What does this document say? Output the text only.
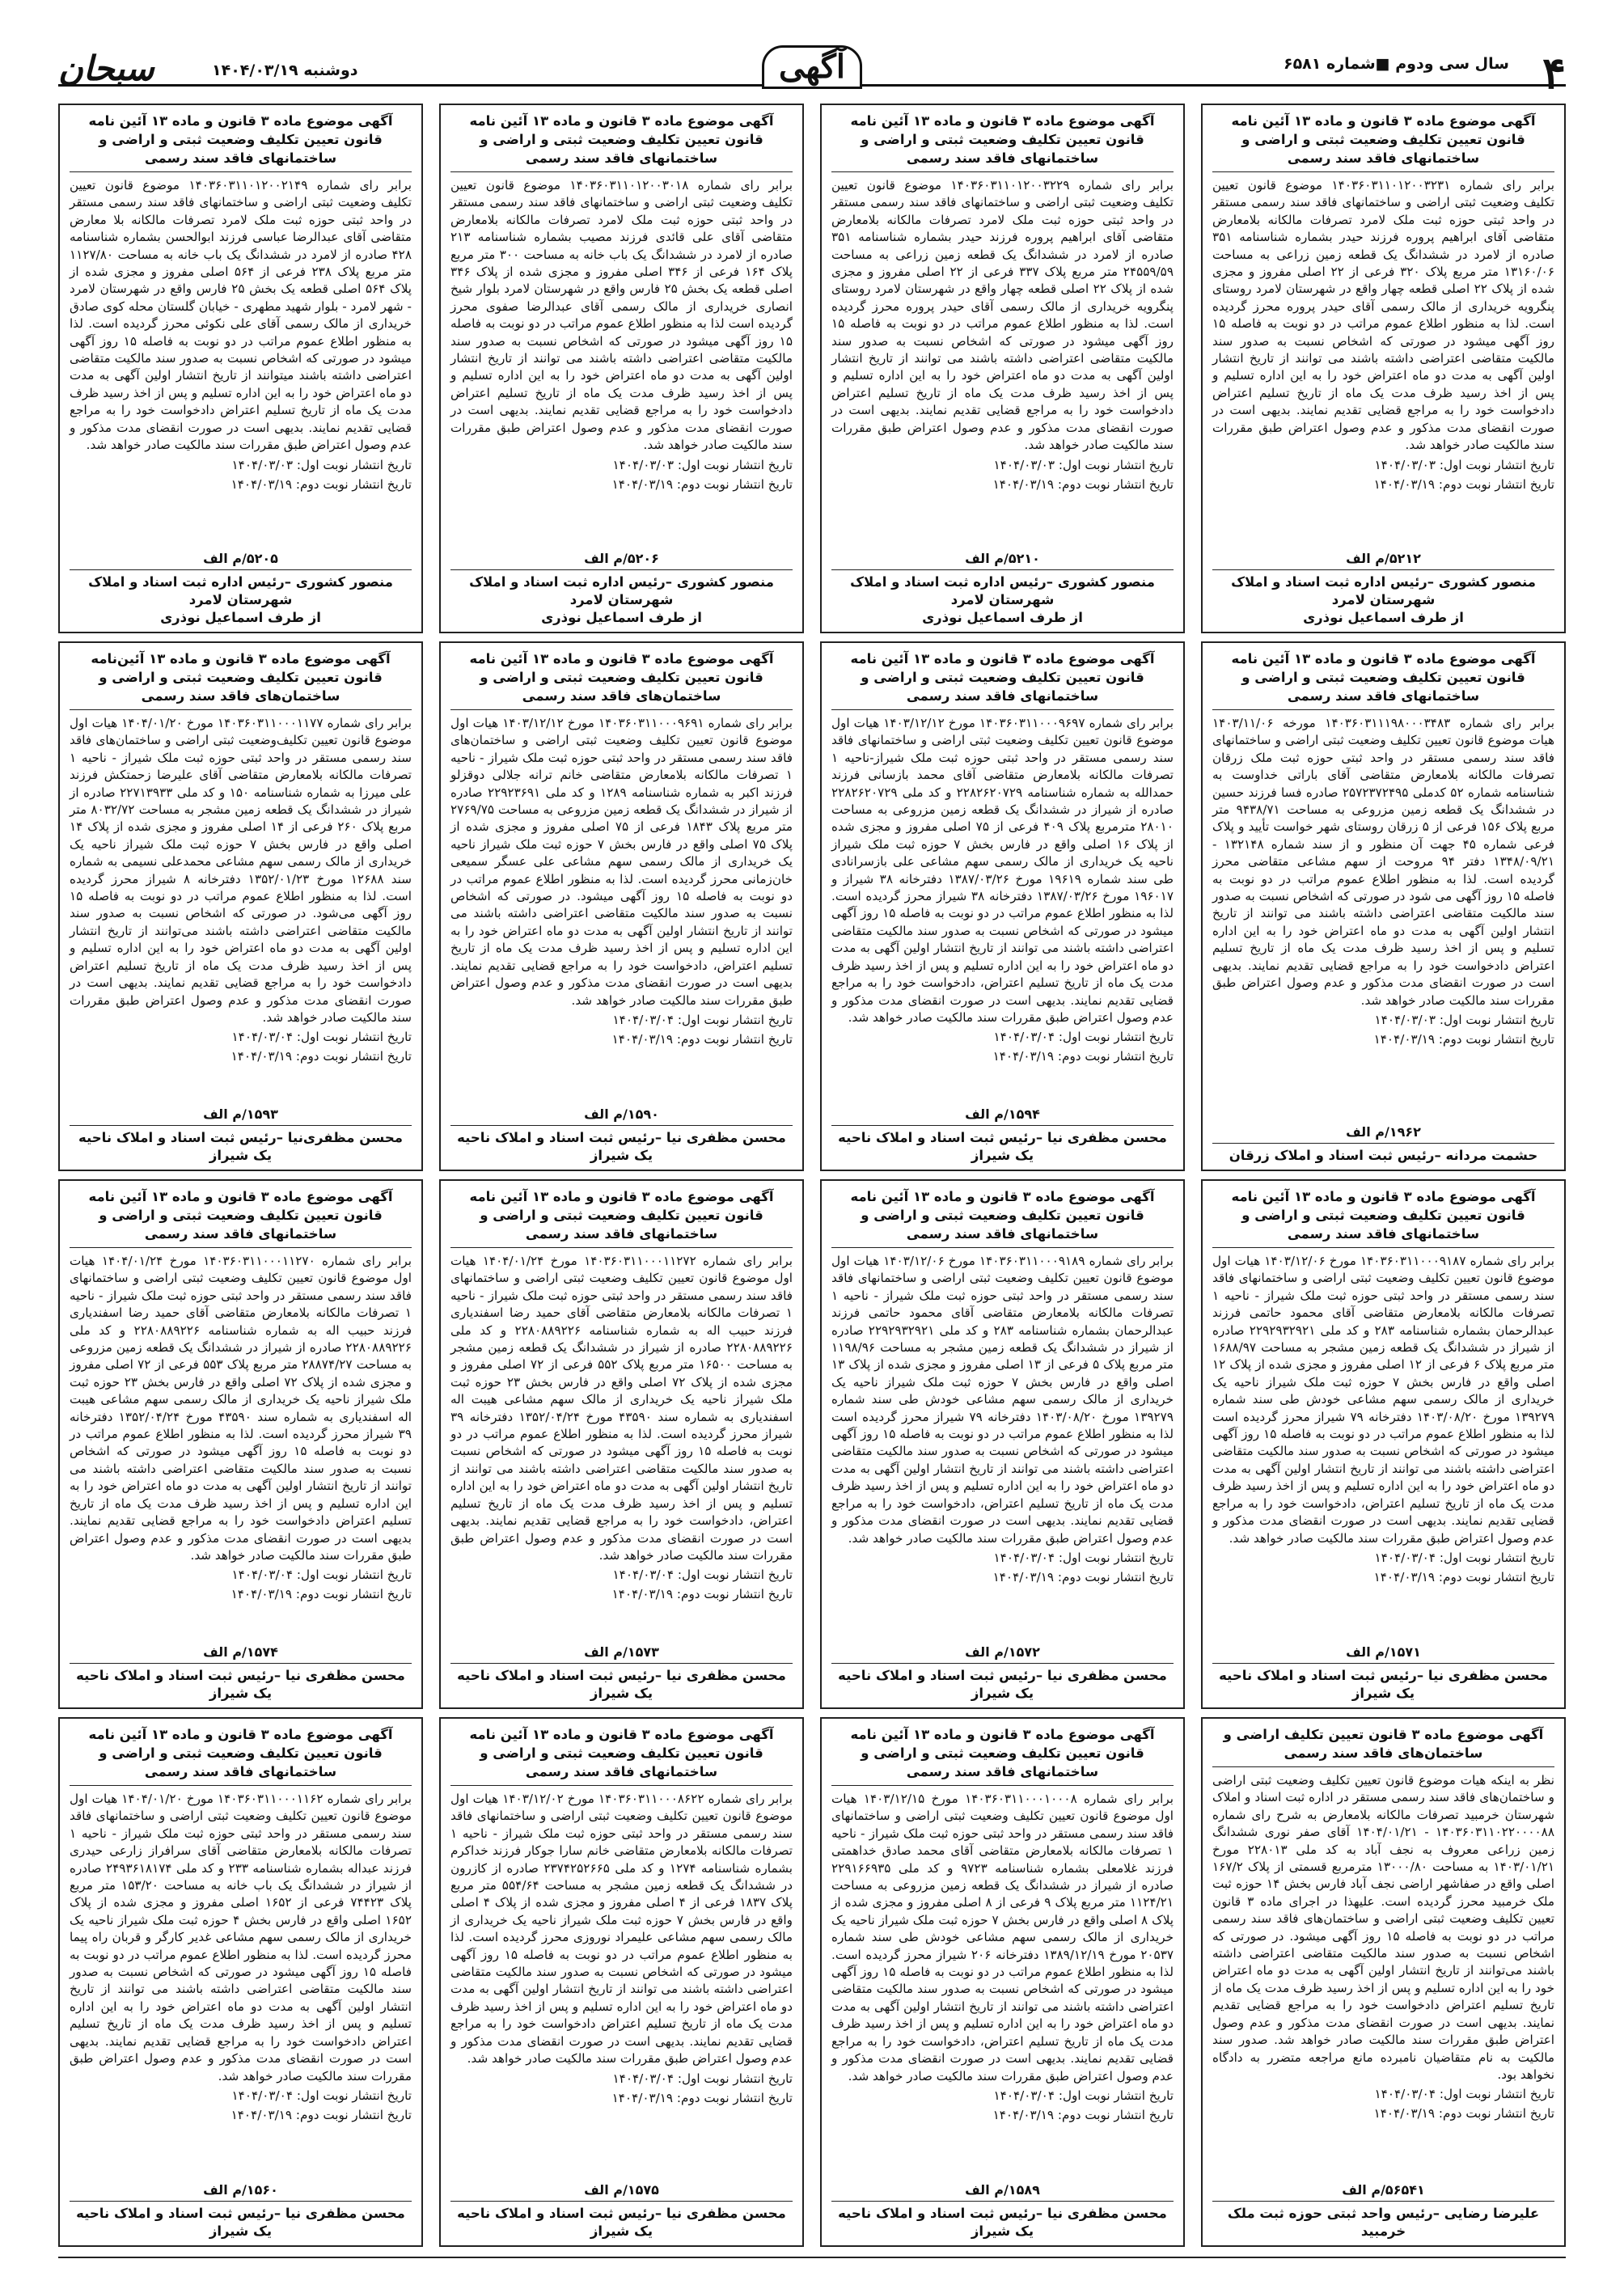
۴
سال سی ودوم ■شماره ۶۵۸۱
آگهی
دوشنبه ۱۴۰۴/۰۳/۱۹
سبحان
آگهی موضوع ماده ۳ قانون و ماده ۱۳ آئین نامه قانون تعیین تکلیف وضعیت ثبتی و اراضی و ساختمانهای فاقد سند رسمی
برابر رای شماره ۱۴۰۳۶۰۳۱۱۰۱۲۰۰۳۲۳۱ موضوع قانون تعیین تکلیف وضعیت ثبتی اراضی و ساختمانهای فاقد سند رسمی مستقر در واحد ثبتی حوزه ثبت ملک لامرد تصرفات مالکانه بلامعارض متقاضی آقای ابراهیم پروره فرزند حیدر بشماره شناسنامه ۳۵۱ صادره از لامرد در ششدانگ یک قطعه زمین زراعی به مساحت ۱۳۱۶۰/۰۶ متر مربع پلاک ۳۲۰ فرعی از ۲۲ اصلی مفروز و مجزی شده از پلاک ۲۲ اصلی قطعه چهار واقع در شهرستان لامرد روستای پنگرویه خریداری از مالک رسمی آقای حیدر پروره محرز گردیده است. لذا به منظور اطلاع عموم مراتب در دو نوبت به فاصله ۱۵ روز آگهی میشود در صورتی که اشخاص نسبت به صدور سند مالکیت متقاضی اعتراضی داشته باشند می توانند از تاریخ انتشار اولین آگهی به مدت دو ماه اعتراض خود را به این اداره تسلیم و پس از اخذ رسید ظرف مدت یک ماه از تاریخ تسلیم اعتراض دادخواست خود را به مراجع قضایی تقدیم نمایند. بدیهی است در صورت انقضای مدت مذکور و عدم وصول اعتراض طبق مقررات سند مالکیت صادر خواهد شد.
تاریخ انتشار نوبت اول: ۱۴۰۴/۰۳/۰۳
تاریخ انتشار نوبت دوم: ۱۴۰۴/۰۳/۱۹
۵۲۱۲/م الف
منصور کشوری –رئیس اداره ثبت اسناد و املاک شهرستان لامرد
از طرف اسماعیل نوذری
آگهی موضوع ماده ۳ قانون و ماده ۱۳ آئین نامه قانون تعیین تکلیف وضعیت ثبتی و اراضی و ساختمانهای فاقد سند رسمی
برابر رای شماره ۱۴۰۳۶۰۳۱۱۰۱۲۰۰۳۲۲۹ موضوع قانون تعیین تکلیف وضعیت ثبتی اراضی و ساختمانهای فاقد سند رسمی مستقر در واحد ثبتی حوزه ثبت ملک لامرد تصرفات مالکانه بلامعارض متقاضی آقای ابراهیم پروره فرزند حیدر بشماره شناسنامه ۳۵۱ صادره از لامرد در ششدانگ یک قطعه زمین زراعی به مساحت ۲۴۵۵۹/۵۹ متر مربع پلاک ۳۳۷ فرعی از ۲۲ اصلی مفروز و مجزی شده از پلاک ۲۲ اصلی قطعه چهار واقع در شهرستان لامرد روستای پنگرویه خریداری از مالک رسمی آقای حیدر پروره محرز گردیده است. لذا به منظور اطلاع عموم مراتب در دو نوبت به فاصله ۱۵ روز آگهی میشود در صورتی که اشخاص نسبت به صدور سند مالکیت متقاضی اعتراضی داشته باشند می توانند از تاریخ انتشار اولین آگهی به مدت دو ماه اعتراض خود را به این اداره تسلیم و پس از اخذ رسید ظرف مدت یک ماه از تاریخ تسلیم اعتراض دادخواست خود را به مراجع قضایی تقدیم نمایند. بدیهی است در صورت انقضای مدت مذکور و عدم وصول اعتراض طبق مقررات سند مالکیت صادر خواهد شد.
تاریخ انتشار نوبت اول: ۱۴۰۴/۰۳/۰۳
تاریخ انتشار نوبت دوم: ۱۴۰۴/۰۳/۱۹
۵۲۱۰/م الف
منصور کشوری –رئیس اداره ثبت اسناد و املاک شهرستان لامرد
از طرف اسماعیل نوذری
آگهی موضوع ماده ۳ قانون و ماده ۱۳ آئین نامه قانون تعیین تکلیف وضعیت ثبتی و اراضی و ساختمانهای فاقد سند رسمی
برابر رای شماره ۱۴۰۳۶۰۳۱۱۰۱۲۰۰۳۰۱۸ موضوع قانون تعیین تکلیف وضعیت ثبتی اراضی و ساختمانهای فاقد سند رسمی مستقر در واحد ثبتی حوزه ثبت ملک لامرد تصرفات مالکانه بلامعارض متقاضی آقای علی قائدی فرزند مصیب بشماره شناسنامه ۲۱۳ صادره از لامرد در ششدانگ یک باب خانه به مساحت ۳۰۰ متر مربع پلاک ۱۶۴ فرعی از ۳۴۶ اصلی مفروز و مجزی شده از پلاک ۳۴۶ اصلی قطعه یک بخش ۲۵ فارس واقع در شهرستان لامرد بلوار شیخ انصاری خریداری از مالک رسمی آقای عبدالرضا صفوی محرز گردیده است لذا به منظور اطلاع عموم مراتب در دو نوبت به فاصله ۱۵ روز آگهی میشود در صورتی که اشخاص نسبت به صدور سند مالکیت متقاضی اعتراضی داشته باشند می توانند از تاریخ انتشار اولین آگهی به مدت دو ماه اعتراض خود را به این اداره تسلیم و پس از اخذ رسید ظرف مدت یک ماه از تاریخ تسلیم اعتراض دادخواست خود را به مراجع قضایی تقدیم نمایند. بدیهی است در صورت انقضای مدت مذکور و عدم وصول اعتراض طبق مقررات سند مالکیت صادر خواهد شد.
تاریخ انتشار نوبت اول: ۱۴۰۴/۰۳/۰۳
تاریخ انتشار نوبت دوم: ۱۴۰۴/۰۳/۱۹
۵۲۰۶/م الف
منصور کشوری –رئیس اداره ثبت اسناد و املاک شهرستان لامرد
از طرف اسماعیل نوذری
آگهی موضوع ماده ۳ قانون و ماده ۱۳ آئین نامه قانون تعیین تکلیف وضعیت ثبتی و اراضی و ساختمانهای فاقد سند رسمی
برابر رای شماره ۱۴۰۳۶۰۳۱۱۰۱۲۰۰۲۱۴۹ موضوع قانون تعیین تکلیف وضعیت ثبتی اراضی و ساختمانهای فاقد سند رسمی مستقر در واحد ثبتی حوزه ثبت ملک لامرد تصرفات مالکانه بلا معارض متقاضی آقای عبدالرضا عباسی فرزند ابوالحسن بشماره شناسنامه ۴۲۸ صادره از لامرد در ششدانگ یک باب خانه به مساحت ۱۱۲۷/۸۰ متر مربع پلاک ۲۳۸ فرعی از ۵۶۴ اصلی مفروز و مجزی شده از پلاک ۵۶۴ اصلی قطعه یک بخش ۲۵ فارس واقع در شهرستان لامرد - شهر لامرد - بلوار شهید مطهری - خیابان گلستان محله کوی صادق خریداری از مالک رسمی آقای علی نکوئی محرز گردیده است. لذا به منظور اطلاع عموم مراتب در دو نوبت به فاصله ۱۵ روز آگهی میشود در صورتی که اشخاص نسبت به صدور سند مالکیت متقاضی اعتراضی داشته باشند میتوانند از تاریخ انتشار اولین آگهی به مدت دو ماه اعتراض خود را به این اداره تسلیم و پس از اخذ رسید ظرف مدت یک ماه از تاریخ تسلیم اعتراض دادخواست خود را به مراجع قضایی تقدیم نمایند. بدیهی است در صورت انقضای مدت مذکور و عدم وصول اعتراض طبق مقررات سند مالکیت صادر خواهد شد.
تاریخ انتشار نوبت اول: ۱۴۰۴/۰۳/۰۳
تاریخ انتشار نوبت دوم: ۱۴۰۴/۰۳/۱۹
۵۲۰۵/م الف
منصور کشوری –رئیس اداره ثبت اسناد و املاک شهرستان لامرد
از طرف اسماعیل نوذری
آگهی موضوع ماده ۳ قانون و ماده ۱۳ آئین نامه قانون تعیین تکلیف وضعیت ثبتی و اراضی و ساختمانهای فاقد سند رسمی
برابر رای شماره ۱۴۰۳۶۰۳۱۱۱۹۸۰۰۰۳۴۸۳ مورخه ۱۴۰۳/۱۱/۰۶ هیات موضوع قانون تعیین تکلیف وضعیت ثبتی اراضی و ساختمانهای فاقد سند رسمی مستقر در واحد ثبتی حوزه ثبت ملک زرقان تصرفات مالکانه بلامعارض متقاضی آقای باراتی خداوست به شناسنامه شماره ۵۲ کدملی ۲۵۷۲۳۷۲۴۹۵ صادره فسا فرزند حسین در ششدانگ یک قطعه زمین مزروعی به مساحت ۹۴۳۸/۷۱ متر مربع پلاک ۱۵۶ فرعی از ۵ زرقان روستای شهر خواست تأیید و پلاک فرعی شماره ۴۵ جهت آن منظور و از سند شماره ۱۳۲۱۴۸ - ۱۳۴۸/۰۹/۲۱ دفتر ۹۴ مروحت از سهم مشاعی متقاضی محرز گردیده است. لذا به منظور اطلاع عموم مراتب در دو نوبت به فاصله ۱۵ روز آگهی می شود در صورتی که اشخاص نسبت به صدور سند مالکیت متقاضی اعتراضی داشته باشند می توانند از تاریخ انتشار اولین آگهی به مدت دو ماه اعتراض خود را به این اداره تسلیم و پس از اخذ رسید ظرف مدت یک ماه از تاریخ تسلیم اعتراض دادخواست خود را به مراجع قضایی تقدیم نمایند. بدیهی است در صورت انقضای مدت مذکور و عدم وصول اعتراض طبق مقررات سند مالکیت صادر خواهد شد.
تاریخ انتشار نوبت اول: ۱۴۰۴/۰۳/۰۳
تاریخ انتشار نوبت دوم: ۱۴۰۴/۰۳/۱۹
۱۹۶۲/م الف
حشمت مردانه –رئیس ثبت اسناد و املاک زرقان
آگهی موضوع ماده ۳ قانون و ماده ۱۳ آئین نامه قانون تعیین تکلیف وضعیت ثبتی و اراضی و ساختمانهای فاقد سند رسمی
برابر رای شماره ۱۴۰۳۶۰۳۱۱۰۰۰۹۶۹۷ مورخ ۱۴۰۳/۱۲/۱۲ هیات اول موضوع قانون تعیین تکلیف وضعیت ثبتی اراضی و ساختمانهای فاقد سند رسمی مستقر در واحد ثبتی حوزه ثبت ملک شیراز-ناحیه ۱ تصرفات مالکانه بلامعارض متقاضی آقای محمد بازسانی فرزند حمدالله به شماره شناسنامه ۲۲۸۲۶۲۰۷۲۹ و کد ملی ۲۲۸۲۶۲۰۷۲۹ صادره از شیراز در ششدانگ یک قطعه زمین مزروعی به مساحت ۲۸۰۱۰ مترمربع پلاک ۴۰۹ فرعی از ۷۵ اصلی مفروز و مجزی شده از پلاک ۱۶ اصلی واقع در فارس بخش ۷ حوزه ثبت ملک شیراز ناحیه یک خریداری از مالک رسمی سهم مشاعی علی بازسرانادی طی سند شماره ۱۹۶۱۹ مورخ ۱۳۸۷/۰۳/۲۶ دفترخانه ۳۸ شیراز و ۱۹۶۰۱۷ مورخ ۱۳۸۷/۰۳/۲۶ دفترخانه ۳۸ شیراز محرز گردیده است. لذا به منظور اطلاع عموم مراتب در دو نوبت به فاصله ۱۵ روز آگهی میشود در صورتی که اشخاص نسبت به صدور سند مالکیت متقاضی اعتراضی داشته باشند می توانند از تاریخ انتشار اولین آگهی به مدت دو ماه اعتراض خود را به این اداره تسلیم و پس از اخذ رسید ظرف مدت یک ماه از تاریخ تسلیم اعتراض، دادخواست خود را به مراجع قضایی تقدیم نمایند. بدیهی است در صورت انقضای مدت مذکور و عدم وصول اعتراض طبق مقررات سند مالکیت صادر خواهد شد.
تاریخ انتشار نوبت اول: ۱۴۰۴/۰۳/۰۴
تاریخ انتشار نوبت دوم: ۱۴۰۴/۰۳/۱۹
۱۵۹۴/م الف
محسن مظفری نیا –رئیس ثبت اسناد و املاک ناحیه یک شیراز
آگهی موضوع ماده ۳ قانون و ماده ۱۳ آئین نامه قانون تعیین تکلیف وضعیت ثبتی و اراضی و ساختمان‌های فاقد سند رسمی
برابر رای شماره ۱۴۰۳۶۰۳۱۱۰۰۰۹۶۹۱ مورخ ۱۴۰۳/۱۲/۱۲ هیات اول موضوع قانون تعیین تکلیف وضعیت ثبتی اراضی و ساختمان‌های فاقد سند رسمی مستقر در واحد ثبتی حوزه ثبت ملک شیراز - ناحیه ۱ تصرفات مالکانه بلامعارض متقاضی خانم ترانه جلالی دوقزلو فرزند اکبر به شماره شناسنامه ۱۲۸۹ و کد ملی ۲۲۹۲۳۶۹۱ صادره از شیراز در ششدانگ یک قطعه زمین مزروعی به مساحت ۲۷۶۹/۷۵ متر مربع پلاک ۱۸۴۳ فرعی از ۷۵ اصلی مفروز و مجزی شده از پلاک ۷۵ اصلی واقع در فارس بخش ۷ حوزه ثبت ملک شیراز ناحیه یک خریداری از مالک رسمی سهم مشاعی علی عسگر سمیعی خان‌زمانی محرز گردیده است. لذا به منظور اطلاع عموم مراتب در دو نوبت به فاصله ۱۵ روز آگهی میشود. در صورتی که اشخاص نسبت به صدور سند مالکیت متقاضی اعتراضی داشته باشند می توانند از تاریخ انتشار اولین آگهی به مدت دو ماه اعتراض خود را به این اداره تسلیم و پس از اخذ رسید ظرف مدت یک ماه از تاریخ تسلیم اعتراض، دادخواست خود را به مراجع قضایی تقدیم نمایند. بدیهی است در صورت انقضای مدت مذکور و عدم وصول اعتراض طبق مقررات سند مالکیت صادر خواهد شد.
تاریخ انتشار نوبت اول: ۱۴۰۴/۰۳/۰۴
تاریخ انتشار نوبت دوم: ۱۴۰۴/۰۳/۱۹
۱۵۹۰/م الف
محسن مظفری نیا –رئیس ثبت اسناد و املاک ناحیه یک شیراز
آگهی موضوع ماده ۳ قانون و ماده ۱۳ آئین‌نامه قانون تعیین تکلیف وضعیت ثبتی و اراضی و ساختمان‌های فاقد سند رسمی
برابر رای شماره ۱۴۰۳۶۰۳۱۱۰۰۰۱۱۷۷ مورخ ۱۴۰۴/۰۱/۲۰ هیات اول موضوع قانون تعیین تکلیف‌وضعیت ثبتی اراضی و ساختمان‌های فاقد سند رسمی مستقر در واحد ثبتی حوزه ثبت ملک شیراز - ناحیه ۱ تصرفات مالکانه بلامعارض متقاضی آقای علیرضا زحمتکش فرزند علی میرزا به شماره شناسنامه ۱۵۰ و کد ملی ۲۲۷۱۳۹۳۳ صادره از شیراز در ششدانگ یک قطعه زمین مشجر به مساحت ۸۰۳۲/۷۲ متر مربع پلاک ۲۶۰ فرعی از ۱۴ اصلی مفروز و مجزی شده از پلاک ۱۴ اصلی واقع در فارس بخش ۷ حوزه ثبت ملک شیراز ناحیه یک خریداری از مالک رسمی سهم مشاعی محمدعلی نسیمی به شماره سند ۱۲۶۸۸ مورخ ۱۳۵۲/۰۱/۲۳ دفترخانه ۸ شیراز محرز گردیده است. لذا به منظور اطلاع عموم مراتب در دو نوبت به فاصله ۱۵ روز آگهی می‌شود. در صورتی که اشخاص نسبت به صدور سند مالکیت متقاضی اعتراضی داشته باشند می‌توانند از تاریخ انتشار اولین آگهی به مدت دو ماه اعتراض خود را به این اداره تسلیم و پس از اخذ رسید ظرف مدت یک ماه از تاریخ تسلیم اعتراض دادخواست خود را به مراجع قضایی تقدیم نمایند. بدیهی است در صورت انقضای مدت مذکور و عدم وصول اعتراض طبق مقررات سند مالکیت صادر خواهد شد.
تاریخ انتشار نوبت اول: ۱۴۰۴/۰۳/۰۴
تاریخ انتشار نوبت دوم: ۱۴۰۴/۰۳/۱۹
۱۵۹۳/م الف
محسن مظفری‌نیا –رئیس ثبت اسناد و املاک ناحیه یک شیراز
آگهی موضوع ماده ۳ قانون و ماده ۱۳ آئین نامه قانون تعیین تکلیف وضعیت ثبتی و اراضی و ساختمانهای فاقد سند رسمی
برابر رای شماره ۱۴۰۳۶۰۳۱۱۰۰۰۹۱۸۷ مورخ ۱۴۰۳/۱۲/۰۶ هیات اول موضوع قانون تعیین تکلیف وضعیت ثبتی اراضی و ساختمانهای فاقد سند رسمی مستقر در واحد ثبتی حوزه ثبت ملک شیراز - ناحیه ۱ تصرفات مالکانه بلامعارض متقاضی آقای محمود حاتمی فرزند عبدالرحمان بشماره شناسنامه ۲۸۳ و کد ملی ۲۲۹۲۹۳۲۹۲۱ صادره از شیراز در ششدانگ یک قطعه زمین مشجر به مساحت ۱۶۸۸/۹۷ متر مربع پلاک ۶ فرعی از ۱۲ اصلی مفروز و مجزی شده از پلاک ۱۲ اصلی واقع در فارس بخش ۷ حوزه ثبت ملک شیراز ناحیه یک خریداری از مالک رسمی سهم مشاعی خودش طی سند شماره ۱۳۹۲۷۹ مورخ ۱۴۰۳/۰۸/۲۰ دفترخانه ۷۹ شیراز محرز گردیده است لذا به منظور اطلاع عموم مراتب در دو نوبت به فاصله ۱۵ روز آگهی میشود در صورتی که اشخاص نسبت به صدور سند مالکیت متقاضی اعتراضی داشته باشند می توانند از تاریخ انتشار اولین آگهی به مدت دو ماه اعتراض خود را به این اداره تسلیم و پس از اخذ رسید ظرف مدت یک ماه از تاریخ تسلیم اعتراض، دادخواست خود را به مراجع قضایی تقدیم نمایند. بدیهی است در صورت انقضای مدت مذکور و عدم وصول اعتراض طبق مقررات سند مالکیت صادر خواهد شد.
تاریخ انتشار نوبت اول: ۱۴۰۴/۰۳/۰۴
تاریخ انتشار نوبت دوم: ۱۴۰۴/۰۳/۱۹
۱۵۷۱/م الف
محسن مظفری نیا –رئیس ثبت اسناد و املاک ناحیه یک شیراز
آگهی موضوع ماده ۳ قانون و ماده ۱۳ آئین نامه قانون تعیین تکلیف وضعیت ثبتی و اراضی و ساختمانهای فاقد سند رسمی
برابر رای شماره ۱۴۰۳۶۰۳۱۱۰۰۰۹۱۸۹ مورخ ۱۴۰۳/۱۲/۰۶ هیات اول موضوع قانون تعیین تکلیف وضعیت ثبتی اراضی و ساختمانهای فاقد سند رسمی مستقر در واحد ثبتی حوزه ثبت ملک شیراز - ناحیه ۱ تصرفات مالکانه بلامعارض متقاضی آقای محمود حاتمی فرزند عبدالرحمان بشماره شناسنامه ۲۸۳ و کد ملی ۲۲۹۲۹۳۲۹۲۱ صادره از شیراز در ششدانگ یک قطعه زمین مشجر به مساحت ۱۱۹۸/۹۶ متر مربع پلاک ۵ فرعی از ۱۳ اصلی مفروز و مجزی شده از پلاک ۱۳ اصلی واقع در فارس بخش ۷ حوزه ثبت ملک شیراز ناحیه یک خریداری از مالک رسمی سهم مشاعی خودش طی سند شماره ۱۳۹۲۷۹ مورخ ۱۴۰۳/۰۸/۲۰ دفترخانه ۷۹ شیراز محرز گردیده است لذا به منظور اطلاع عموم مراتب در دو نوبت به فاصله ۱۵ روز آگهی میشود در صورتی که اشخاص نسبت به صدور سند مالکیت متقاضی اعتراضی داشته باشند می توانند از تاریخ انتشار اولین آگهی به مدت دو ماه اعتراض خود را به این اداره تسلیم و پس از اخذ رسید ظرف مدت یک ماه از تاریخ تسلیم اعتراض، دادخواست خود را به مراجع قضایی تقدیم نمایند. بدیهی است در صورت انقضای مدت مذکور و عدم وصول اعتراض طبق مقررات سند مالکیت صادر خواهد شد.
تاریخ انتشار نوبت اول: ۱۴۰۴/۰۳/۰۴
تاریخ انتشار نوبت دوم: ۱۴۰۴/۰۳/۱۹
۱۵۷۲/م الف
محسن مظفری نیا –رئیس ثبت اسناد و املاک ناحیه یک شیراز
آگهی موضوع ماده ۳ قانون و ماده ۱۳ آئین نامه قانون تعیین تکلیف وضعیت ثبتی و اراضی و ساختمانهای فاقد سند رسمی
برابر رای شماره ۱۴۰۳۶۰۳۱۱۰۰۰۱۱۲۷۲ مورخ ۱۴۰۴/۰۱/۲۴ هیات اول موضوع قانون تعیین تکلیف وضعیت ثبتی اراضی و ساختمانهای فاقد سند رسمی مستقر در واحد ثبتی حوزه ثبت ملک شیراز - ناحیه ۱ تصرفات مالکانه بلامعارض متقاضی آقای حمید رضا اسفندیاری فرزند حبیب اله به شماره شناسنامه ۲۲۸۰۸۸۹۲۲۶ و کد ملی ۲۲۸۰۸۸۹۲۲۶ صادره از شیراز در ششدانگ یک قطعه زمین مشجر به مساحت ۱۶۵۰۰ متر مربع پلاک ۵۵۲ فرعی از ۷۲ اصلی مفروز و مجزی شده از پلاک ۷۲ اصلی واقع در فارس بخش ۲۳ حوزه ثبت ملک شیراز ناحیه یک خریداری از مالک سهم مشاعی هیبت اله اسفندیاری به شماره سند ۴۳۵۹۰ مورخ ۱۳۵۲/۰۴/۲۴ دفترخانه ۳۹ شیراز محرز گردیده است. لذا به منظور اطلاع عموم مراتب در دو نوبت به فاصله ۱۵ روز آگهی میشود در صورتی که اشخاص نسبت به صدور سند مالکیت متقاضی اعتراضی داشته باشند می توانند از تاریخ انتشار اولین آگهی به مدت دو ماه اعتراض خود را به این اداره تسلیم و پس از اخذ رسید ظرف مدت یک ماه از تاریخ تسلیم اعتراض، دادخواست خود را به مراجع قضایی تقدیم نمایند. بدیهی است در صورت انقضای مدت مذکور و عدم وصول اعتراض طبق مقررات سند مالکیت صادر خواهد شد.
تاریخ انتشار نوبت اول: ۱۴۰۴/۰۳/۰۴
تاریخ انتشار نوبت دوم: ۱۴۰۴/۰۳/۱۹
۱۵۷۳/م الف
محسن مظفری نیا –رئیس ثبت اسناد و املاک ناحیه یک شیراز
آگهی موضوع ماده ۳ قانون و ماده ۱۳ آئین نامه قانون تعیین تکلیف وضعیت ثبتی و اراضی و ساختمانهای فاقد سند رسمی
برابر رای شماره ۱۴۰۳۶۰۳۱۱۰۰۰۱۱۲۷۰ مورخ ۱۴۰۴/۰۱/۲۴ هیات اول موضوع قانون تعیین تکلیف وضعیت ثبتی اراضی و ساختمانهای فاقد سند رسمی مستقر در واحد ثبتی حوزه ثبت ملک شیراز - ناحیه ۱ تصرفات مالکانه بلامعارض متقاضی آقای حمید رضا اسفندیاری فرزند حبیب اله به شماره شناسنامه ۲۲۸۰۸۸۹۲۲۶ و کد ملی ۲۲۸۰۸۸۹۲۲۶ صادره از شیراز در ششدانگ یک قطعه زمین مزروعی به مساحت ۲۸۸۷۴/۲۷ متر مربع پلاک ۵۵۳ فرعی از ۷۲ اصلی مفروز و مجزی شده از پلاک ۷۲ اصلی واقع در فارس بخش ۲۳ حوزه ثبت ملک شیراز ناحیه یک خریداری از مالک رسمی سهم مشاعی هیبت اله اسفندیاری به شماره سند ۴۳۵۹۰ مورخ ۱۳۵۲/۰۴/۲۴ دفترخانه ۳۹ شیراز محرز گردیده است. لذا به منظور اطلاع عموم مراتب در دو نوبت به فاصله ۱۵ روز آگهی میشود در صورتی که اشخاص نسبت به صدور سند مالکیت متقاضی اعتراضی داشته باشند می توانند از تاریخ انتشار اولین آگهی به مدت دو ماه اعتراض خود را به این اداره تسلیم و پس از اخذ رسید ظرف مدت یک ماه از تاریخ تسلیم اعتراض دادخواست خود را به مراجع قضایی تقدیم نمایند. بدیهی است در صورت انقضای مدت مذکور و عدم وصول اعتراض طبق مقررات سند مالکیت صادر خواهد شد.
تاریخ انتشار نوبت اول: ۱۴۰۴/۰۳/۰۴
تاریخ انتشار نوبت دوم: ۱۴۰۴/۰۳/۱۹
۱۵۷۴/م الف
محسن مظفری نیا –رئیس ثبت اسناد و املاک ناحیه یک شیراز
آگهی موضوع ماده ۳ قانون تعیین تکلیف اراضی و ساختمان‌های فاقد سند رسمی
نظر به اینکه هیات موضوع قانون تعیین تکلیف وضعیت ثبتی اراضی و ساختمان‌های فاقد سند رسمی مستقر در اداره ثبت اسناد و املاک شهرستان خرمبید تصرفات مالکانه بلامعارض به شرح رای شماره ۱۴۰۳۶۰۳۱۱۰۲۲۰۰۰۰۸۸ - ۱۴۰۴/۰۱/۲۱ آقای صفر نوری ششدانگ زمین زراعی معروف به نجف آباد به کد ملی ۲۲۸۰۱۳ مورخ ۱۴۰۳/۰۱/۲۱ به مساحت ۱۳۰۰۰/۸۰ مترمربع قسمتی از پلاک ۱۶۷/۲ اصلی واقع در صفاشهر اراضی نجف آباد فارس بخش ۱۴ حوزه ثبت ملک خرمبید محرز گردیده است. علیهذا در اجرای ماده ۳ قانون تعیین تکلیف وضعیت ثبتی اراضی و ساختمان‌های فاقد سند رسمی مراتب در دو نوبت به فاصله ۱۵ روز آگهی میشود. در صورتی که اشخاص نسبت به صدور سند مالکیت متقاضی اعتراضی داشته باشند می‌توانند از تاریخ انتشار اولین آگهی به مدت دو ماه اعتراض خود را به این اداره تسلیم و پس از اخذ رسید ظرف مدت یک ماه از تاریخ تسلیم اعتراض دادخواست خود را به مراجع قضایی تقدیم نمایند. بدیهی است در صورت انقضای مدت مذکور و عدم وصول اعتراض طبق مقررات سند مالکیت صادر خواهد شد. صدور سند مالکیت به نام متقاضیان نامبرده مانع مراجعه متضرر به دادگاه نخواهد بود.
تاریخ انتشار نوبت اول: ۱۴۰۴/۰۳/۰۴
تاریخ انتشار نوبت دوم: ۱۴۰۴/۰۳/۱۹
۵۶۵۴۱/م الف
علیرضا رضایی –رئیس واحد ثبتی حوزه ثبت ملک خرمبید
آگهی موضوع ماده ۳ قانون و ماده ۱۳ آئین نامه قانون تعیین تکلیف وضعیت ثبتی و اراضی و ساختمانهای فاقد سند رسمی
برابر رای شماره ۱۴۰۳۶۰۳۱۱۰۰۰۱۰۰۰۸ مورخ ۱۴۰۳/۱۲/۱۵ هیات اول موضوع قانون تعیین تکلیف وضعیت ثبتی اراضی و ساختمانهای فاقد سند رسمی مستقر در واحد ثبتی حوزه ثبت ملک شیراز - ناحیه ۱ تصرفات مالکانه بلامعارض متقاضی آقای محمد صادق خداهمتی فرزند غلامعلی بشماره شناسنامه ۹۷۲۳ و کد ملی ۲۲۹۱۶۶۹۳۵ صادره از شیراز در ششدانگ یک قطعه زمین مزروعی به مساحت ۱۱۲۴/۲۱ متر مربع پلاک ۹ فرعی از ۸ اصلی مفروز و مجزی شده از پلاک ۸ اصلی واقع در فارس بخش ۷ حوزه ثبت ملک شیراز ناحیه یک خریداری از مالک رسمی سهم مشاعی خودش طی سند شماره ۲۰۵۳۷ مورخ ۱۳۸۹/۱۲/۱۹ دفترخانه ۲۰۶ شیراز محرز گردیده است. لذا به منظور اطلاع عموم مراتب در دو نوبت به فاصله ۱۵ روز آگهی میشود در صورتی که اشخاص نسبت به صدور سند مالکیت متقاضی اعتراضی داشته باشند می توانند از تاریخ انتشار اولین آگهی به مدت دو ماه اعتراض خود را به این اداره تسلیم و پس از اخذ رسید ظرف مدت یک ماه از تاریخ تسلیم اعتراض، دادخواست خود را به مراجع قضایی تقدیم نمایند. بدیهی است در صورت انقضای مدت مذکور و عدم وصول اعتراض طبق مقررات سند مالکیت صادر خواهد شد.
تاریخ انتشار نوبت اول: ۱۴۰۴/۰۳/۰۴
تاریخ انتشار نوبت دوم: ۱۴۰۴/۰۳/۱۹
۱۵۸۹/م الف
محسن مظفری نیا –رئیس ثبت اسناد و املاک ناحیه یک شیراز
آگهی موضوع ماده ۳ قانون و ماده ۱۳ آئین نامه قانون تعیین تکلیف وضعیت ثبتی و اراضی و ساختمانهای فاقد سند رسمی
برابر رای شماره ۱۴۰۳۶۰۳۱۱۰۰۰۸۶۲۲ مورخ ۱۴۰۳/۱۲/۰۲ هیات اول موضوع قانون تعیین تکلیف وضعیت ثبتی اراضی و ساختمانهای فاقد سند رسمی مستقر در واحد ثبتی حوزه ثبت ملک شیراز - ناحیه ۱ تصرفات مالکانه بلامعارض متقاضی خانم سارا جوکار فرزند خداکرم بشماره شناسنامه ۱۲۷۴ و کد ملی ۲۳۷۴۲۵۲۶۶۵ صادره از کازرون در ششدانگ یک قطعه زمین مشجر به مساحت ۵۵۴/۶۴ متر مربع پلاک ۱۸۳۷ فرعی از ۴ اصلی مفروز و مجزی شده از پلاک ۴ اصلی واقع در فارس بخش ۷ حوزه ثبت ملک شیراز ناحیه یک خریداری از مالک رسمی سهم مشاعی علیمراد نوروزی محرز گردیده است. لذا به منظور اطلاع عموم مراتب در دو نوبت به فاصله ۱۵ روز آگهی میشود در صورتی که اشخاص نسبت به صدور سند مالکیت متقاضی اعتراضی داشته باشند می توانند از تاریخ انتشار اولین آگهی به مدت دو ماه اعتراض خود را به این اداره تسلیم و پس از اخذ رسید ظرف مدت یک ماه از تاریخ تسلیم اعتراض دادخواست خود را به مراجع قضایی تقدیم نمایند. بدیهی است در صورت انقضای مدت مذکور و عدم وصول اعتراض طبق مقررات سند مالکیت صادر خواهد شد.
تاریخ انتشار نوبت اول: ۱۴۰۴/۰۳/۰۴
تاریخ انتشار نوبت دوم: ۱۴۰۴/۰۳/۱۹
۱۵۷۵/م الف
محسن مظفری نیا –رئیس ثبت اسناد و املاک ناحیه یک شیراز
آگهی موضوع ماده ۳ قانون و ماده ۱۳ آئین نامه قانون تعیین تکلیف وضعیت ثبتی و اراضی و ساختمانهای فاقد سند رسمی
برابر رای شماره ۱۴۰۳۶۰۳۱۱۰۰۰۱۱۶۲ مورخ ۱۴۰۴/۰۱/۲۰ هیات اول موضوع قانون تعیین تکلیف وضعیت ثبتی اراضی و ساختمانهای فاقد سند رسمی مستقر در واحد ثبتی حوزه ثبت ملک شیراز - ناحیه ۱ تصرفات مالکانه بلامعارض متقاضی آقای سرافراز زارعی حیدری فرزند عبداله بشماره شناسنامه ۲۳۳ و کد ملی ۲۴۹۳۶۱۸۱۷۴ صادره از شیراز در ششدانگ یک باب خانه به مساحت ۱۵۳/۲۰ متر مربع پلاک ۷۴۴۲۳ فرعی از ۱۶۵۲ اصلی مفروز و مجزی شده از پلاک ۱۶۵۲ اصلی واقع در فارس بخش ۴ حوزه ثبت ملک شیراز ناحیه یک خریداری از مالک رسمی سهم مشاعی غدیر کارگر و قربان راه پیما محرز گردیده است. لذا به منظور اطلاع عموم مراتب در دو نوبت به فاصله ۱۵ روز آگهی میشود در صورتی که اشخاص نسبت به صدور سند مالکیت متقاضی اعتراضی داشته باشند می توانند از تاریخ انتشار اولین آگهی به مدت دو ماه اعتراض خود را به این اداره تسلیم و پس از اخذ رسید ظرف مدت یک ماه از تاریخ تسلیم اعتراض دادخواست خود را به مراجع قضایی تقدیم نمایند. بدیهی است در صورت انقضای مدت مذکور و عدم وصول اعتراض طبق مقررات سند مالکیت صادر خواهد شد.
تاریخ انتشار نوبت اول: ۱۴۰۴/۰۳/۰۴
تاریخ انتشار نوبت دوم: ۱۴۰۴/۰۳/۱۹
۱۵۶۰/م الف
محسن مظفری نیا –رئیس ثبت اسناد و املاک ناحیه یک شیراز
